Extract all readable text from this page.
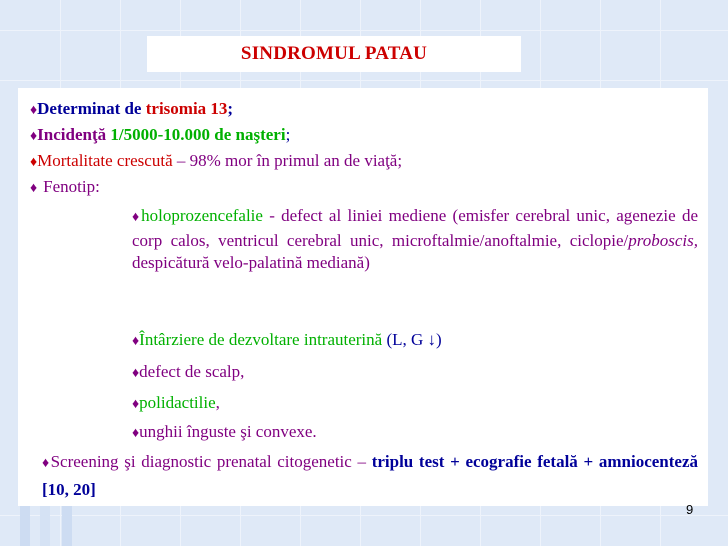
SINDROMUL PATAU
♦Determinat de trisomia 13;
♦Incidenţă 1/5000-10.000 de naşteri;
♦Mortalitate crescută – 98% mor în primul an de viaţă;
♦ Fenotip:
♦holoprozencefalie - defect al liniei mediene (emisfer cerebral unic, agenezie de corp calos, ventricul cerebral unic, microftalmie/anoftalmie, ciclopie/proboscis, despicătură velo-palatină mediană)
♦Întârziere de dezvoltare intrauterină (L, G ↓)
♦defect de scalp,
♦polidactilie,
♦unghii înguste şi convexe.
♦Screening şi diagnostic prenatal citogenetic – triplu test + ecografie fetală + amniocenteză [10, 20]
9
